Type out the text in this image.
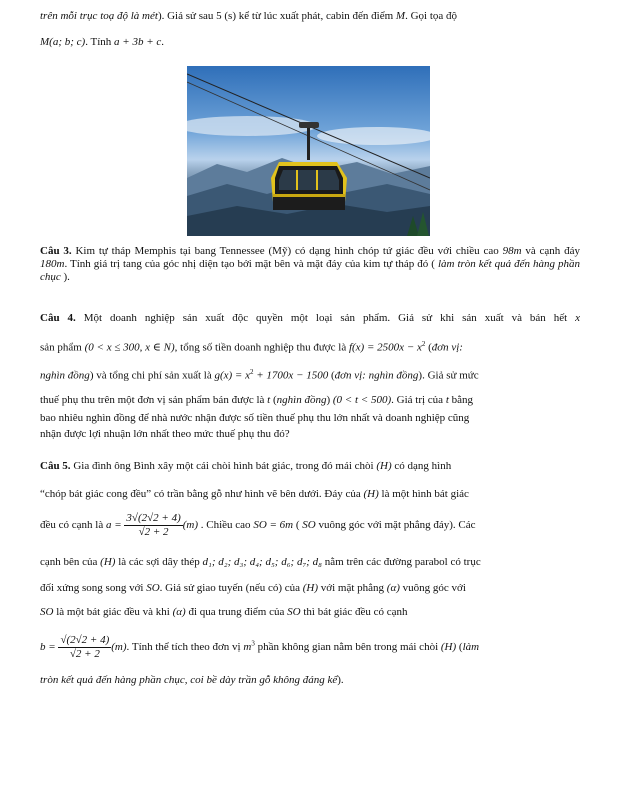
trên mỗi trục toạ độ là mét). Giả sử sau 5 (s) kể từ lúc xuất phát, cabin đến điểm M. Gọi tọa độ
M(a; b; c). Tính a + 3b + c.
Câu 3. Kim tự tháp Memphis tại bang Tennessee (Mỹ) có dạng hình chóp tứ giác đều với chiều cao 98m và cạnh đáy 180m. Tính giá trị tang của góc nhị diện tạo bởi mặt bên và mặt đáy của kim tự tháp đó ( làm tròn kết quả đến hàng phần chục ).
Câu 4. Một doanh nghiệp sản xuất độc quyền một loại sản phẩm. Giả sử khi sản xuất và bán hết x
sản phẩm (0 < x ≤ 300, x ∈ N), tổng số tiền doanh nghiệp thu được là $f(x) = 2500x - x^2$ (đơn vị:
nghìn đồng) và tổng chi phí sản xuất là $g(x) = x^2 + 1700x - 1500$ (đơn vị: nghìn đồng). Giả sử mức
thuế phụ thu trên một đơn vị sản phẩm bán được là t (nghìn đồng) (0 < t < 500). Giá trị của t bằng
bao nhiêu nghìn đồng để nhà nước nhận được số tiền thuế phụ thu lớn nhất và doanh nghiệp cũng
nhận được lợi nhuận lớn nhất theo mức thuế phụ thu đó?
Câu 5. Gia đình ông Bình xây một cái chòi hình bát giác, trong đó mái chòi (H) có dạng hình
“chóp bát giác cong đều” có trần bằng gỗ như hình vẽ bên dưới. Đáy của (H) là một hình bát giác
đều có cạnh là $a = \frac{3√(2√2 + 4)}{√2 + 2} (m)$ . Chiều cao SO = 6m ( SO vuông góc với mặt phẳng đáy). Các
cạnh bên của (H) là các sợi dây thép d₁; d₂; d₃; d₄; d₅; d₆; d₇; d₈ nằm trên các đường parabol có trục
đối xứng song song với SO. Giả sử giao tuyến (nếu có) của (H) với mặt phẳng (α) vuông góc với
SO là một bát giác đều và khi (α) đi qua trung điểm của SO thì bát giác đều có cạnh
$b = \frac{√(2√2 + 4)}{√2 + 2} (m)$. Tính thể tích theo đơn vị $m^3$ phần không gian nằm bên trong mái chòi (H) (làm
tròn kết quả đến hàng phần chục, coi bề dày trần gỗ không đáng kể).
